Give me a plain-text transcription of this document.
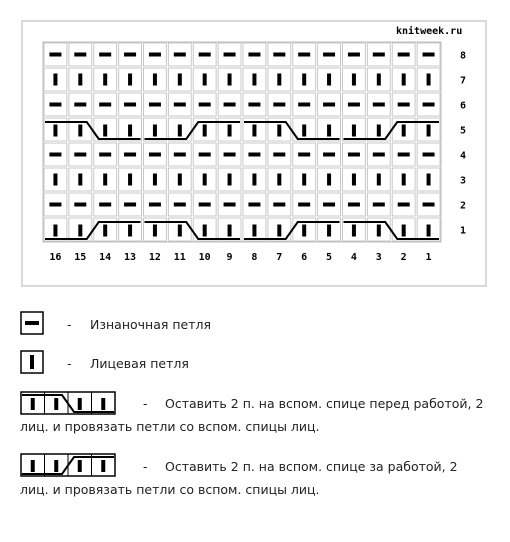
knitweek.ru
1
2
3
4
5
6
7
8
16 15 14 13 12 11 10 9 8 7 6 5 4 3 2 1
- Изнаночная петля
- Лицевая петля
- Оставить 2 п. на вспом. спице перед работой, 2
лиц. и провязать петли со вспом. спицы лиц.
- Оставить 2 п. на вспом. спице за работой, 2
лиц. и провязать петли со вспом. спицы лиц.
